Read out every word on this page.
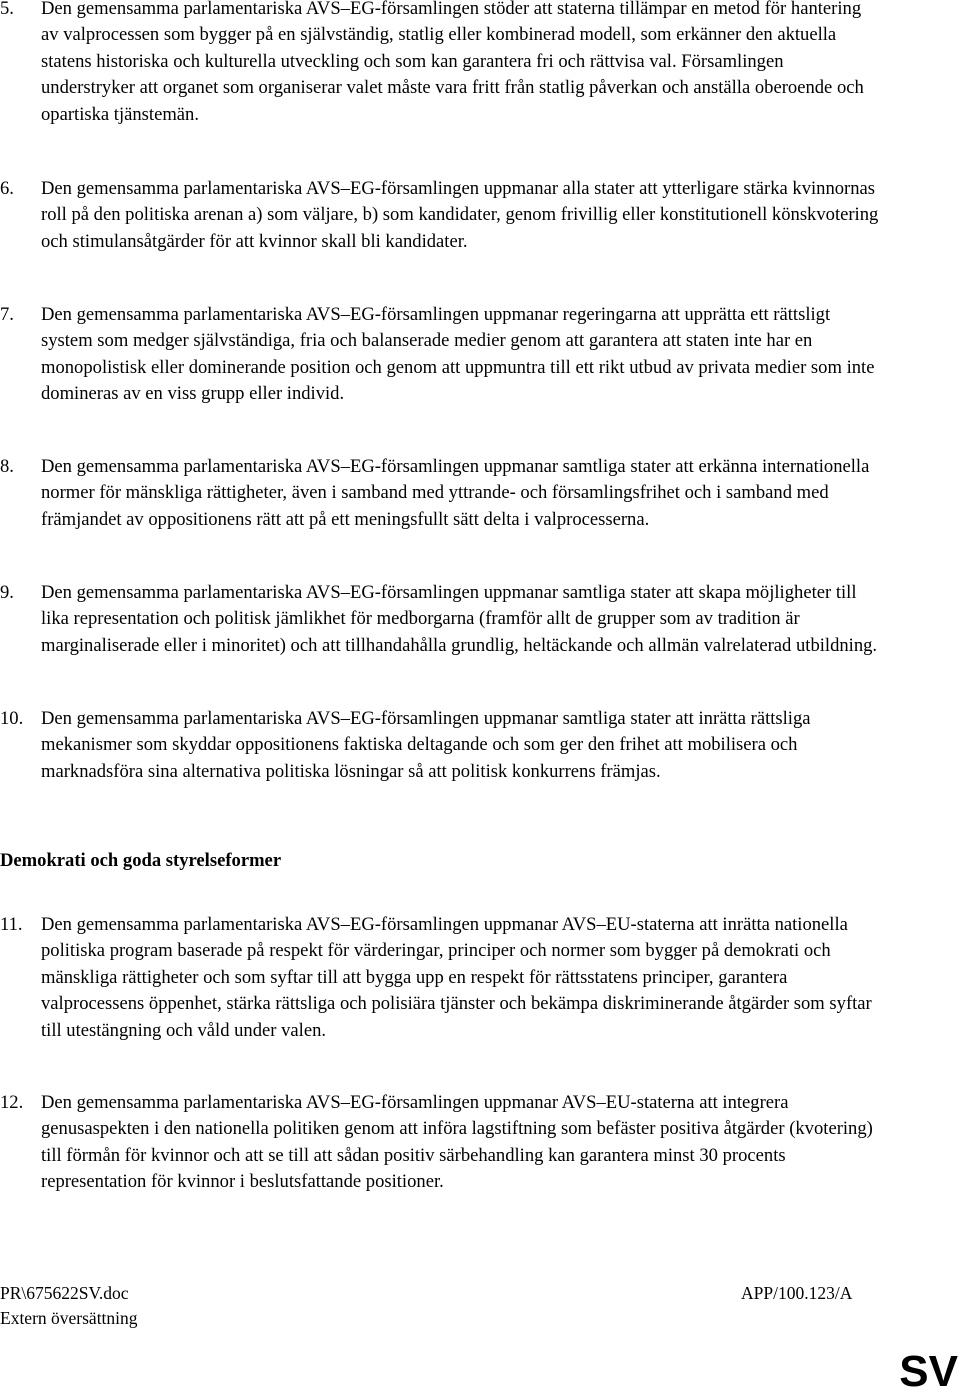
5. Den gemensamma parlamentariska AVS–EG-församlingen stöder att staterna tillämpar en metod för hantering av valprocessen som bygger på en självständig, statlig eller kombinerad modell, som erkänner den aktuella statens historiska och kulturella utveckling och som kan garantera fri och rättvisa val. Församlingen understryker att organet som organiserar valet måste vara fritt från statlig påverkan och anställa oberoende och opartiska tjänstemän.
6. Den gemensamma parlamentariska AVS–EG-församlingen uppmanar alla stater att ytterligare stärka kvinnornas roll på den politiska arenan a) som väljare, b) som kandidater, genom frivillig eller konstitutionell könskvotering och stimulansåtgärder för att kvinnor skall bli kandidater.
7. Den gemensamma parlamentariska AVS–EG-församlingen uppmanar regeringarna att upprätta ett rättsligt system som medger självständiga, fria och balanserade medier genom att garantera att staten inte har en monopolistisk eller dominerande position och genom att uppmuntra till ett rikt utbud av privata medier som inte domineras av en viss grupp eller individ.
8. Den gemensamma parlamentariska AVS–EG-församlingen uppmanar samtliga stater att erkänna internationella normer för mänskliga rättigheter, även i samband med yttrande- och församlingsfrihet och i samband med främjandet av oppositionens rätt att på ett meningsfullt sätt delta i valprocesserna.
9. Den gemensamma parlamentariska AVS–EG-församlingen uppmanar samtliga stater att skapa möjligheter till lika representation och politisk jämlikhet för medborgarna (framför allt de grupper som av tradition är marginaliserade eller i minoritet) och att tillhandahålla grundlig, heltäckande och allmän valrelaterad utbildning.
10. Den gemensamma parlamentariska AVS–EG-församlingen uppmanar samtliga stater att inrätta rättsliga mekanismer som skyddar oppositionens faktiska deltagande och som ger den frihet att mobilisera och marknadsföra sina alternativa politiska lösningar så att politisk konkurrens främjas.
Demokrati och goda styrelseformer
11. Den gemensamma parlamentariska AVS–EG-församlingen uppmanar AVS–EU-staterna att inrätta nationella politiska program baserade på respekt för värderingar, principer och normer som bygger på demokrati och mänskliga rättigheter och som syftar till att bygga upp en respekt för rättsstatens principer, garantera valprocessens öppenhet, stärka rättsliga och polisiära tjänster och bekämpa diskriminerande åtgärder som syftar till utestängning och våld under valen.
12. Den gemensamma parlamentariska AVS–EG-församlingen uppmanar AVS–EU-staterna att integrera genusaspekten i den nationella politiken genom att införa lagstiftning som befäster positiva åtgärder (kvotering) till förmån för kvinnor och att se till att sådan positiv särbehandling kan garantera minst 30 procents representation för kvinnor i beslutsfattande positioner.
PR\675622SV.doc
Extern översättning
APP/100.123/A
SV
